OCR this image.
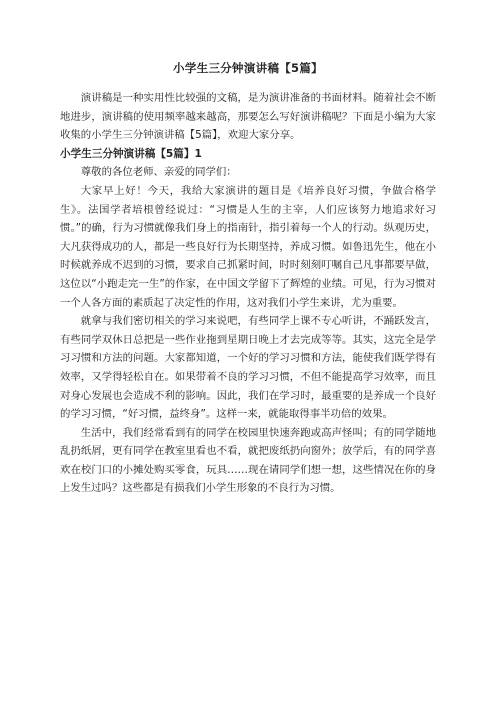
小学生三分钟演讲稿【5篇】

演讲稿是一种实用性比较强的文稿，是为演讲准备的书面材料。随着社会不断地进步，演讲稿的使用频率越来越高，那要怎么写好演讲稿呢？下面是小编为大家收集的小学生三分钟演讲稿【5篇】，欢迎大家分享。

小学生三分钟演讲稿【5篇】1

尊敬的各位老师、亲爱的同学们：

大家早上好！今天，我给大家演讲的题目是《培养良好习惯，争做合格学生》。法国学者培根曾经说过：“习惯是人生的主宰，人们应该努力地追求好习惯。”的确，行为习惯就像我们身上的指南针，指引着每一个人的行动。纵观历史，大凡获得成功的人，都是一些良好行为长期坚持，养成习惯。如鲁迅先生，他在小时候就养成不迟到的习惯，要求自己抓紧时间，时时刻刻叮嘱自己凡事都要早做，这位以“小跑走完一生”的作家，在中国文学留下了辉煌的业绩。可见，行为习惯对一个人各方面的素质起了决定性的作用，这对我们小学生来讲，尤为重要。

就拿与我们密切相关的学习来说吧，有些同学上课不专心听讲，不踊跃发言，有些同学双休日总把是一些作业拖到星期日晚上才去完成等等。其实，这完全是学习习惯和方法的问题。大家都知道，一个好的学习习惯和方法，能使我们既学得有效率，又学得轻松自在。如果带着不良的学习习惯，不但不能提高学习效率，而且对身心发展也会造成不利的影响。因此，我们在学习时，最重要的是养成一个良好的学习习惯，“好习惯，益终身”。这样一来，就能取得事半功倍的效果。

生活中，我们经常看到有的同学在校园里快速奔跑或高声怪叫；有的同学随地乱扔纸屑，更有同学在教室里看也不看，就把废纸扔向窗外；放学后，有的同学喜欢在校门口的小摊处购买零食，玩具……现在请同学们想一想，这些情况在你的身上发生过吗？这些都是有损我们小学生形象的不良行为习惯。
